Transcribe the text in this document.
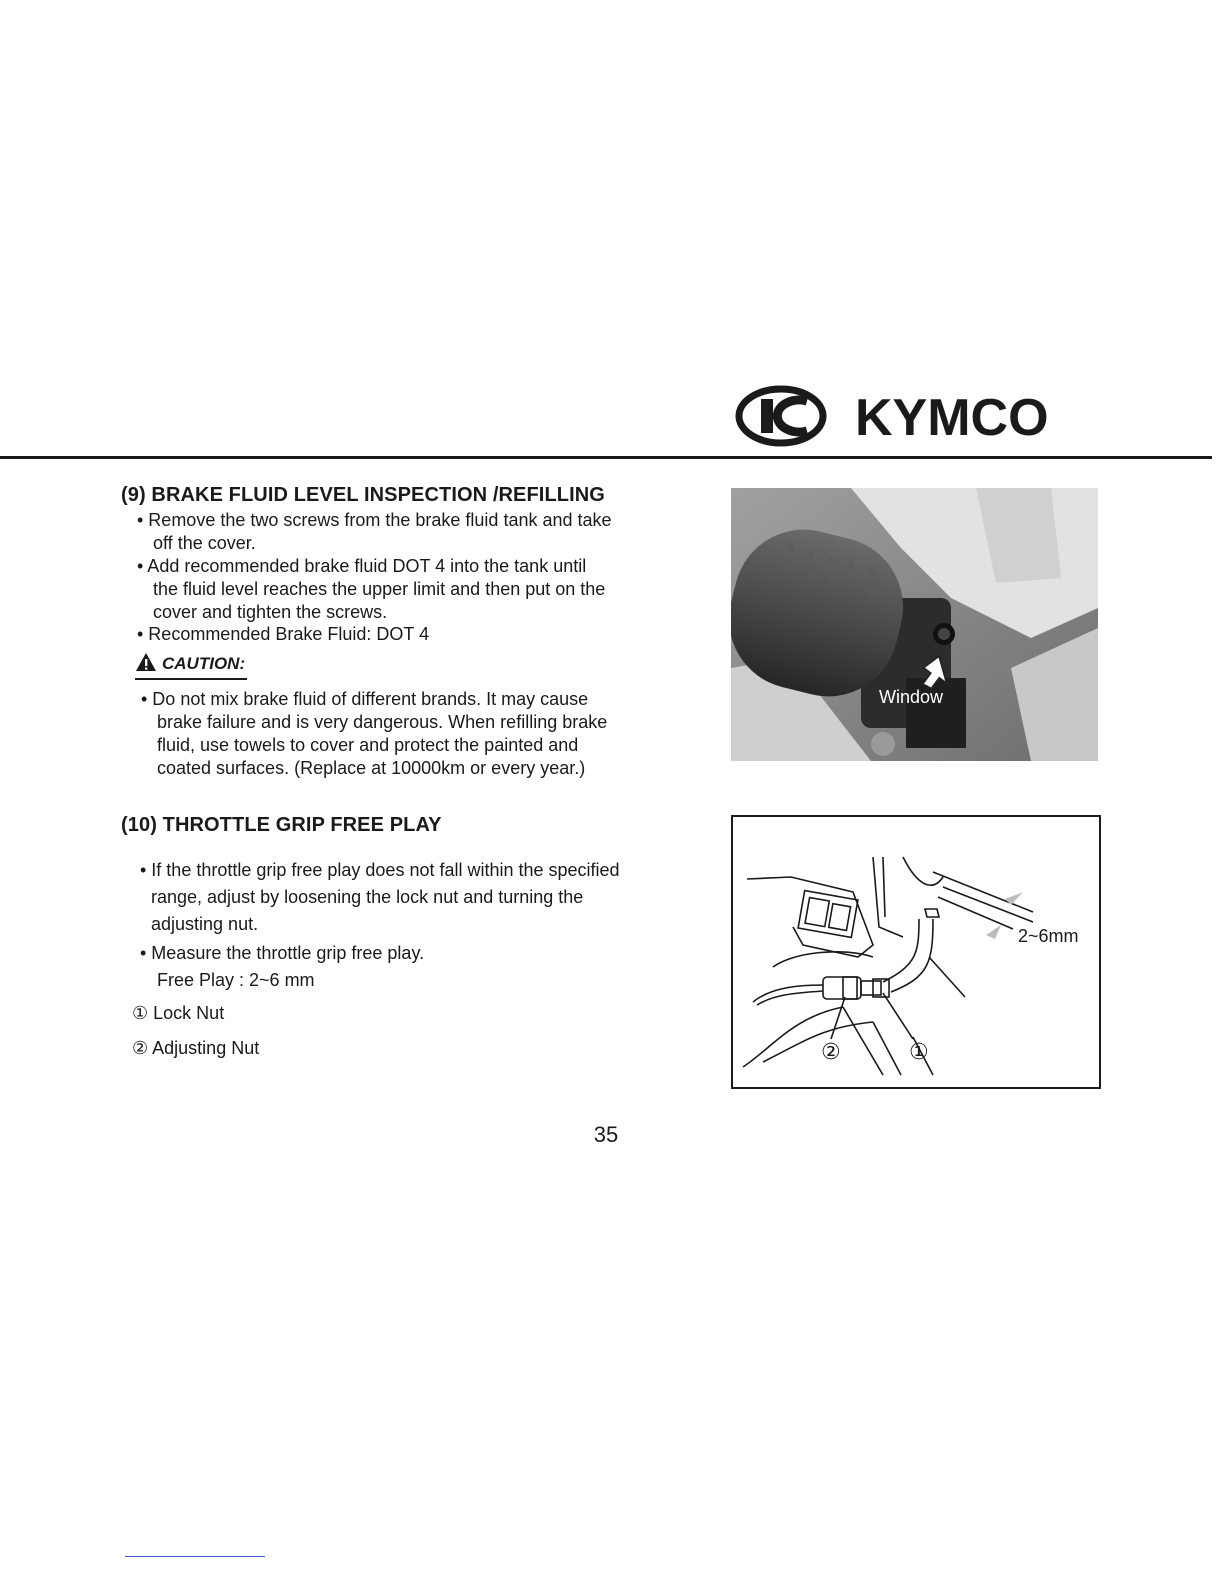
KYMCO
(9) BRAKE FLUID LEVEL INSPECTION /REFILLING
• Remove the two screws from the brake fluid tank and take
off the cover.
• Add recommended brake fluid DOT 4 into the tank until
the fluid level reaches the upper limit and then put on the
cover and tighten the screws.
• Recommended Brake Fluid: DOT 4
CAUTION:
• Do not mix brake fluid of different brands. It may cause
brake failure and is very dangerous. When refilling brake
fluid, use towels to cover and protect the painted and
coated surfaces. (Replace at 10000km or every year.)
Window
(10) THROTTLE GRIP FREE PLAY
• If the throttle grip free play does not fall within the specified
range, adjust by loosening the lock nut and turning the
adjusting nut.
• Measure the throttle grip free play.
Free Play : 2~6 mm
① Lock Nut
② Adjusting Nut
2~6mm
②	①
35
